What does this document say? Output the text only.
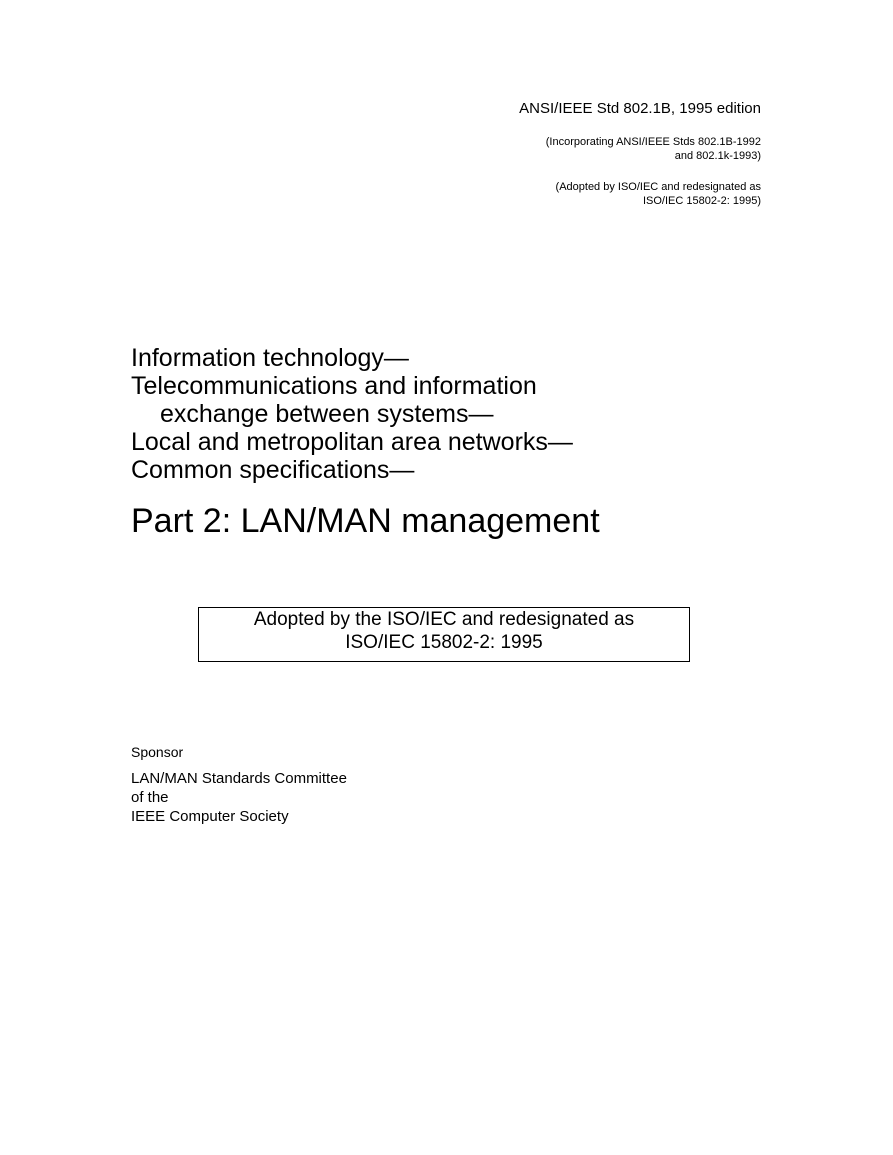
ANSI/IEEE Std 802.1B, 1995 edition

(Incorporating ANSI/IEEE Stds 802.1B-1992
and 802.1k-1993)

(Adopted by ISO/IEC and redesignated as
ISO/IEC 15802-2: 1995)

Information technology—

Telecommunications and information

exchange between systems—

Local and metropolitan area networks—

Common specifications—

Part 2: LAN/MAN management

Adopted by the ISO/IEC and redesignated as
ISO/IEC 15802-2: 1995

Sponsor

LAN/MAN Standards Committee

of the

IEEE Computer Society
